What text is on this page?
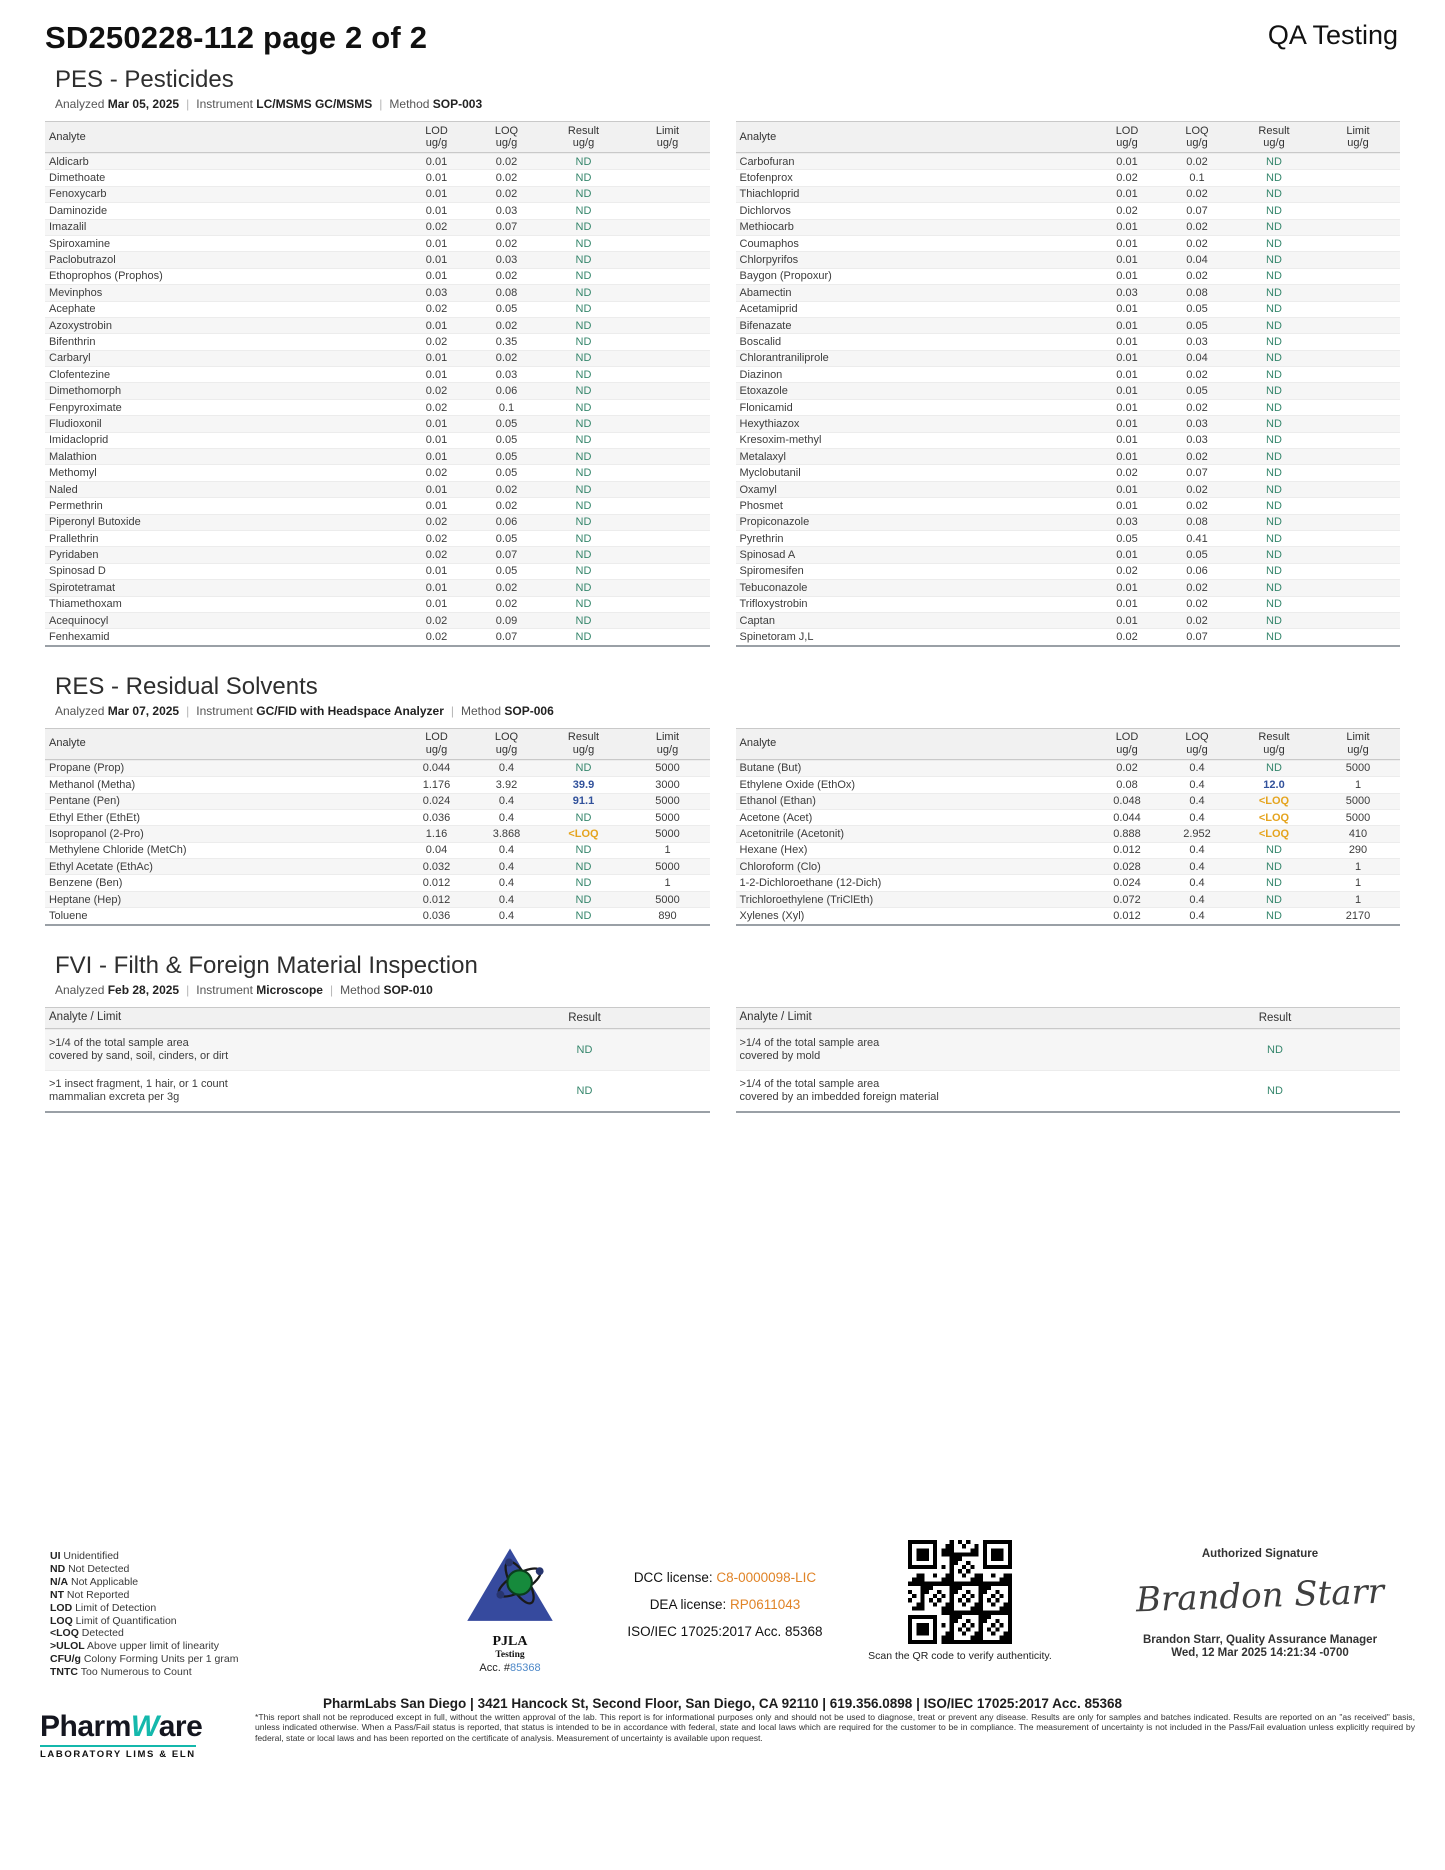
SD250228-112 page 2 of 2	QA Testing
PES - Pesticides
Analyzed Mar 05, 2025 | Instrument LC/MSMS GC/MSMS | Method SOP-003
Analyte
LOD
ug/g
LOQ
ug/g
Result
ug/g
Limit
ug/g
Aldicarb	0.01	0.02	ND
Dimethoate	0.01	0.02	ND
Fenoxycarb	0.01	0.02	ND
Daminozide	0.01	0.03	ND
Imazalil	0.02	0.07	ND
Spiroxamine	0.01	0.02	ND
Paclobutrazol	0.01	0.03	ND
Ethoprophos (Prophos)	0.01	0.02	ND
Mevinphos	0.03	0.08	ND
Acephate	0.02	0.05	ND
Azoxystrobin	0.01	0.02	ND
Bifenthrin	0.02	0.35	ND
Carbaryl	0.01	0.02	ND
Clofentezine	0.01	0.03	ND
Dimethomorph	0.02	0.06	ND
Fenpyroximate	0.02	0.1	ND
Fludioxonil	0.01	0.05	ND
Imidacloprid	0.01	0.05	ND
Malathion	0.01	0.05	ND
Methomyl	0.02	0.05	ND
Naled	0.01	0.02	ND
Permethrin	0.01	0.02	ND
Piperonyl Butoxide	0.02	0.06	ND
Prallethrin	0.02	0.05	ND
Pyridaben	0.02	0.07	ND
Spinosad D	0.01	0.05	ND
Spirotetramat	0.01	0.02	ND
Thiamethoxam	0.01	0.02	ND
Acequinocyl	0.02	0.09	ND
Fenhexamid	0.02	0.07	ND
Analyte
LOD
ug/g
LOQ
ug/g
Result
ug/g
Limit
ug/g
Carbofuran	0.01	0.02	ND
Etofenprox	0.02	0.1	ND
Thiachloprid	0.01	0.02	ND
Dichlorvos	0.02	0.07	ND
Methiocarb	0.01	0.02	ND
Coumaphos	0.01	0.02	ND
Chlorpyrifos	0.01	0.04	ND
Baygon (Propoxur)	0.01	0.02	ND
Abamectin	0.03	0.08	ND
Acetamiprid	0.01	0.05	ND
Bifenazate	0.01	0.05	ND
Boscalid	0.01	0.03	ND
Chlorantraniliprole	0.01	0.04	ND
Diazinon	0.01	0.02	ND
Etoxazole	0.01	0.05	ND
Flonicamid	0.01	0.02	ND
Hexythiazox	0.01	0.03	ND
Kresoxim-methyl	0.01	0.03	ND
Metalaxyl	0.01	0.02	ND
Myclobutanil	0.02	0.07	ND
Oxamyl	0.01	0.02	ND
Phosmet	0.01	0.02	ND
Propiconazole	0.03	0.08	ND
Pyrethrin	0.05	0.41	ND
Spinosad A	0.01	0.05	ND
Spiromesifen	0.02	0.06	ND
Tebuconazole	0.01	0.02	ND
Trifloxystrobin	0.01	0.02	ND
Captan	0.01	0.02	ND
Spinetoram J,L	0.02	0.07	ND
RES - Residual Solvents
Analyzed Mar 07, 2025 | Instrument GC/FID with Headspace Analyzer | Method SOP-006
Analyte
LOD
ug/g
LOQ
ug/g
Result
ug/g
Limit
ug/g
Propane (Prop)	0.044	0.4	ND	5000
Methanol (Metha)	1.176	3.92	39.9	3000
Pentane (Pen)	0.024	0.4	91.1	5000
Ethyl Ether (EthEt)	0.036	0.4	ND	5000
Isopropanol (2-Pro)	1.16	3.868	<LOQ	5000
Methylene Chloride (MetCh)	0.04	0.4	ND	1
Ethyl Acetate (EthAc)	0.032	0.4	ND	5000
Benzene (Ben)	0.012	0.4	ND	1
Heptane (Hep)	0.012	0.4	ND	5000
Toluene	0.036	0.4	ND	890
Analyte
LOD
ug/g
LOQ
ug/g
Result
ug/g
Limit
ug/g
Butane (But)	0.02	0.4	ND	5000
Ethylene Oxide (EthOx)	0.08	0.4	12.0	1
Ethanol (Ethan)	0.048	0.4	<LOQ	5000
Acetone (Acet)	0.044	0.4	<LOQ	5000
Acetonitrile (Acetonit)	0.888	2.952	<LOQ	410
Hexane (Hex)	0.012	0.4	ND	290
Chloroform (Clo)	0.028	0.4	ND	1
1-2-Dichloroethane (12-Dich)	0.024	0.4	ND	1
Trichloroethylene (TriClEth)	0.072	0.4	ND	1
Xylenes (Xyl)	0.012	0.4	ND	2170
FVI - Filth & Foreign Material Inspection
Analyzed Feb 28, 2025 | Instrument Microscope | Method SOP-010
Analyte / Limit	Result
>1/4 of the total sample area
covered by sand, soil, cinders, or dirt	ND
>1 insect fragment, 1 hair, or 1 count
mammalian excreta per 3g	ND
Analyte / Limit	Result
>1/4 of the total sample area
covered by mold	ND
>1/4 of the total sample area
covered by an imbedded foreign material	ND
UI Unidentified
ND Not Detected
N/A Not Applicable
NT Not Reported
LOD Limit of Detection
LOQ Limit of Quantification
<LOQ Detected
>ULOL Above upper limit of linearity
CFU/g Colony Forming Units per 1 gram
TNTC Too Numerous to Count
PJLA
Testing
Acc. #85368
DCC license: C8-0000098-LIC
DEA license: RP0611043
ISO/IEC 17025:2017 Acc. 85368
Scan the QR code to verify authenticity.
Authorized Signature
Brandon Starr
Brandon Starr, Quality Assurance Manager
Wed, 12 Mar 2025 14:21:34 -0700
PharmLabs San Diego | 3421 Hancock St, Second Floor, San Diego, CA 92110 | 619.356.0898 | ISO/IEC 17025:2017 Acc. 85368
PharmWare
LABORATORY LIMS & ELN
*This report shall not be reproduced except in full, without the written approval of the lab. This report is for informational purposes only and should not be used to diagnose, treat or prevent any disease. Results are only for samples and batches indicated. Results are reported on an "as received" basis, unless indicated otherwise. When a Pass/Fail status is reported, that status is intended to be in accordance with federal, state and local laws which are required for the customer to be in compliance. The measurement of uncertainty is not included in the Pass/Fail evaluation unless explicitly required by federal, state or local laws and has been reported on the certificate of analysis. Measurement of uncertainty is available upon request.
